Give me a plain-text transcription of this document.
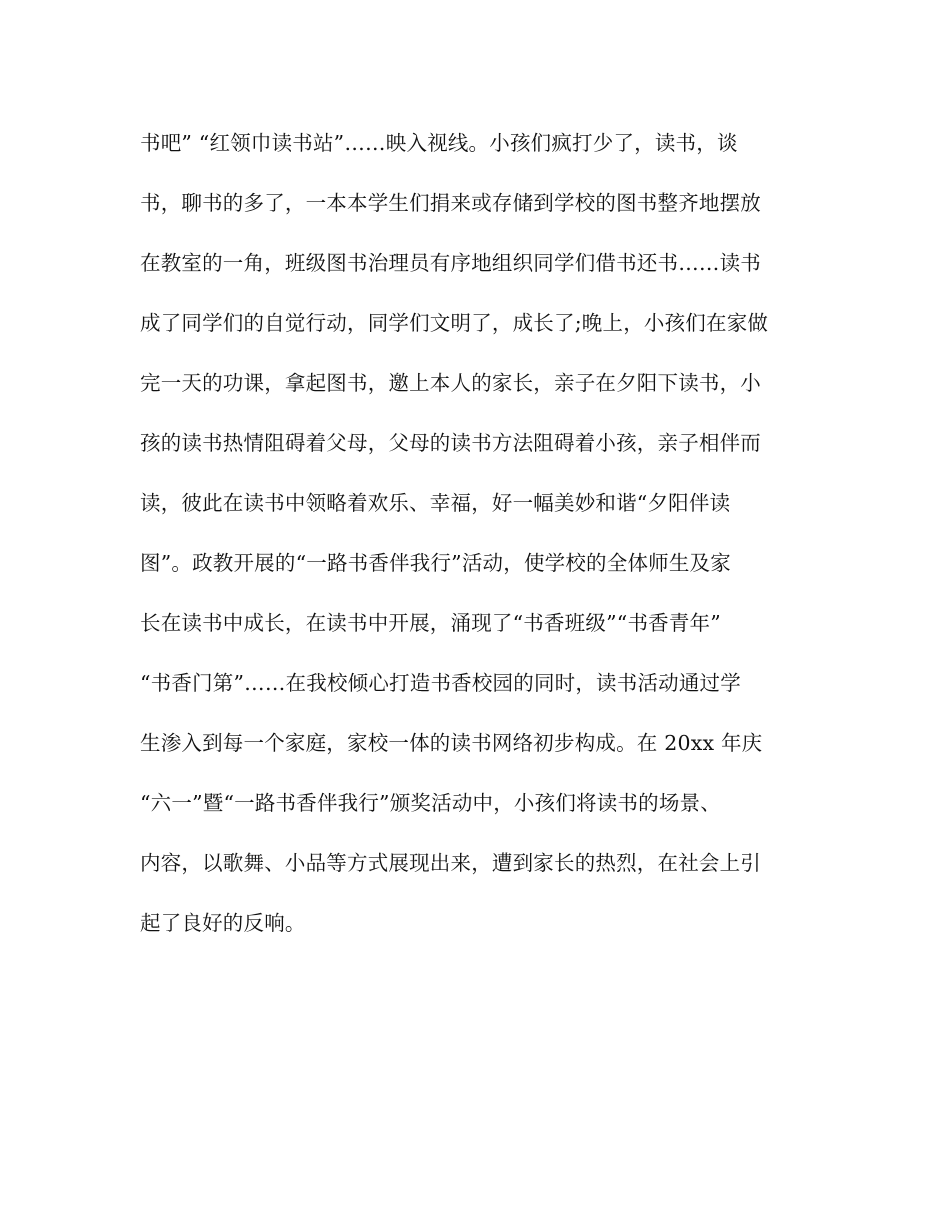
书吧” “红领巾读书站”……映入视线。小孩们疯打少了，读书，谈
书，聊书的多了，一本本学生们捐来或存储到学校的图书整齐地摆放
在教室的一角，班级图书治理员有序地组织同学们借书还书……读书
成了同学们的自觉行动，同学们文明了，成长了;晚上，小孩们在家做
完一天的功课，拿起图书，邀上本人的家长，亲子在夕阳下读书，小
孩的读书热情阻碍着父母，父母的读书方法阻碍着小孩，亲子相伴而
读，彼此在读书中领略着欢乐、幸福，好一幅美妙和谐“夕阳伴读
图”。政教开展的“一路书香伴我行”活动，使学校的全体师生及家
长在读书中成长，在读书中开展，涌现了“书香班级”“书香青年”
“书香门第”……在我校倾心打造书香校园的同时，读书活动通过学
生渗入到每一个家庭，家校一体的读书网络初步构成。在 20xx 年庆
“六一”暨“一路书香伴我行”颁奖活动中，小孩们将读书的场景、
内容，以歌舞、小品等方式展现出来，遭到家长的热烈，在社会上引
起了良好的反响。
